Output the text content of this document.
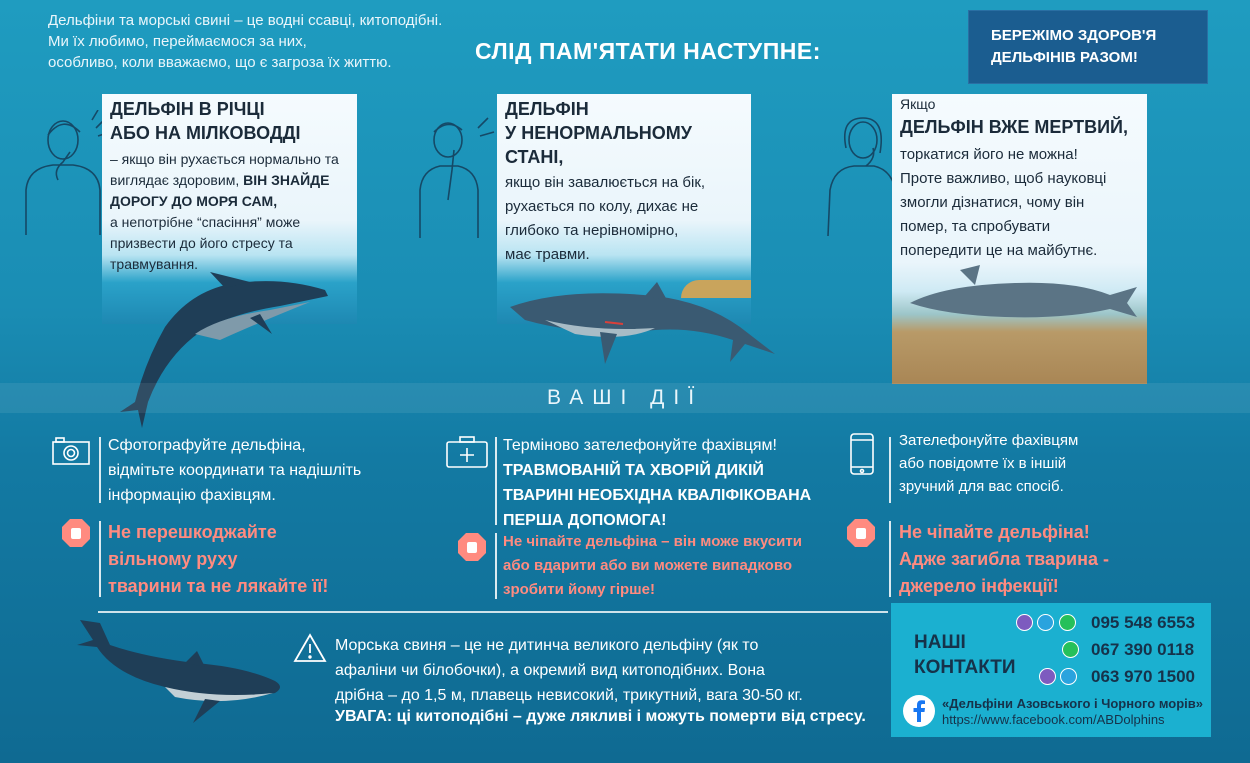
Дельфіни та морські свині – це водні ссавці, китоподібні.
Ми їх любимо, переймаємося за них,
особливо, коли вважаємо, що є загроза їх життю.	СЛІД ПАМ'ЯТАТИ НАСТУПНЕ:
БЕРЕЖІМО ЗДОРОВ'Я
ДЕЛЬФІНІВ РАЗОМ!
ДЕЛЬФІН В РІЧЦІ
АБО НА МІЛКОВОДДІ
– якщо він рухається нормально та
виглядає здоровим, ВІН ЗНАЙДЕ
ДОРОГУ ДО МОРЯ САМ,
а непотрібне “спасіння” може
призвести до його стресу та
травмування.
ДЕЛЬФІН
У НЕНОРМАЛЬНОМУ СТАНІ,
якщо він завалюється на бік,
рухається по колу, дихає не
глибоко та нерівномірно,
має травми.
Якщо
ДЕЛЬФІН ВЖЕ МЕРТВИЙ,
торкатися його не можна!
Проте важливо, щоб науковці
змогли дізнатися, чому він
помер, та спробувати
попередити це на майбутнє.
ВАШІ ДІЇ
Сфотографуйте дельфіна,
відмітьте координати та надішліть
інформацію фахівцям.
Не перешкоджайте
вільному руху
тварини та не лякайте її!
Терміново зателефонуйте фахівцям!
ТРАВМОВАНІЙ ТА ХВОРІЙ ДИКІЙ
ТВАРИНІ НЕОБХІДНА КВАЛІФІКОВАНА
ПЕРША ДОПОМОГА!
Не чіпайте дельфіна – він може вкусити
або вдарити або ви можете випадково
зробити йому гірше!
Зателефонуйте фахівцям
або повідомте їх в іншій
зручний для вас спосіб.
Не чіпайте дельфіна!
Адже загибла тварина -
джерело інфекції!
Морська свиня – це не дитинча великого дельфіну (як то
афаліни чи білобочки), а окремий вид китоподібних. Вона
дрібна – до 1,5 м, плавець невисокий, трикутний, вага 30-50 кг.
УВАГА: ці китоподібні – дуже лякливі і можуть померти від стресу.
НАШІ
КОНТАКТИ

095 548 6553
067 390 0118

063 970 1500
«Дельфіни Азовського і Чорного морів»
https://www.facebook.com/ABDolphins
